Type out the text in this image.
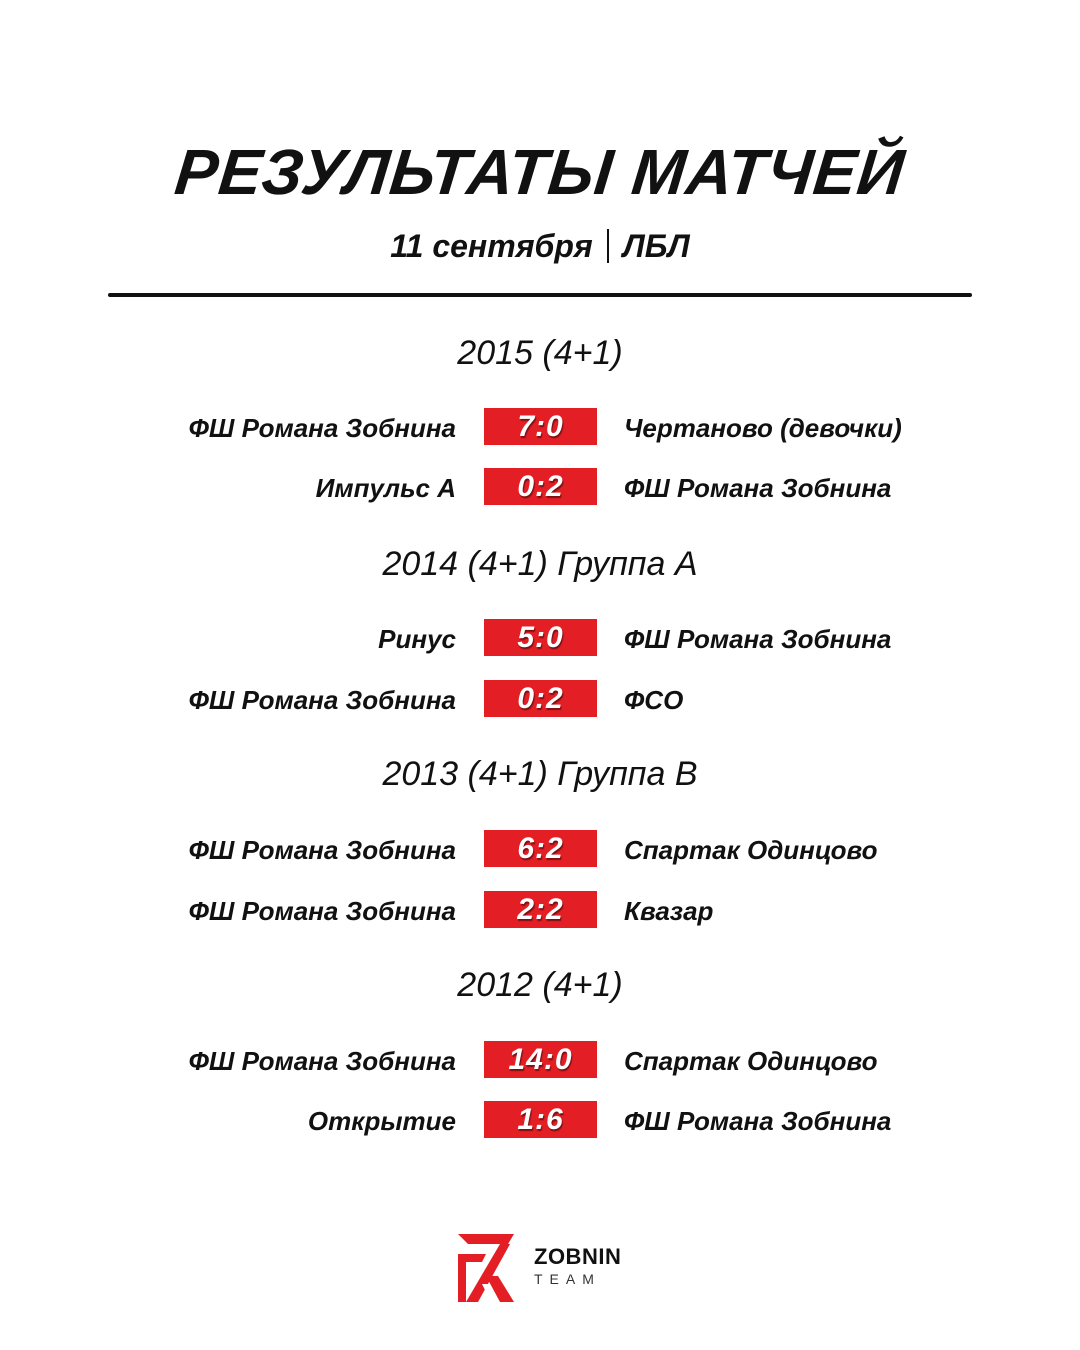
РЕЗУЛЬТАТЫ МАТЧЕЙ
11 сентября ЛБЛ
2015 (4+1)
ФШ Романа Зобнина	7:0	Чертаново (девочки)
Импульс А	0:2	ФШ Романа Зобнина
2014 (4+1) Группа А
Ринус	5:0	ФШ Романа Зобнина
ФШ Романа Зобнина	0:2	ФСО
2013 (4+1) Группа В
ФШ Романа Зобнина	6:2	Спартак Одинцово
ФШ Романа Зобнина	2:2	Квазар
2012 (4+1)
ФШ Романа Зобнина	14:0	Спартак Одинцово
Открытие	1:6	ФШ Романа Зобнина
ZOBNIN
TEAM
